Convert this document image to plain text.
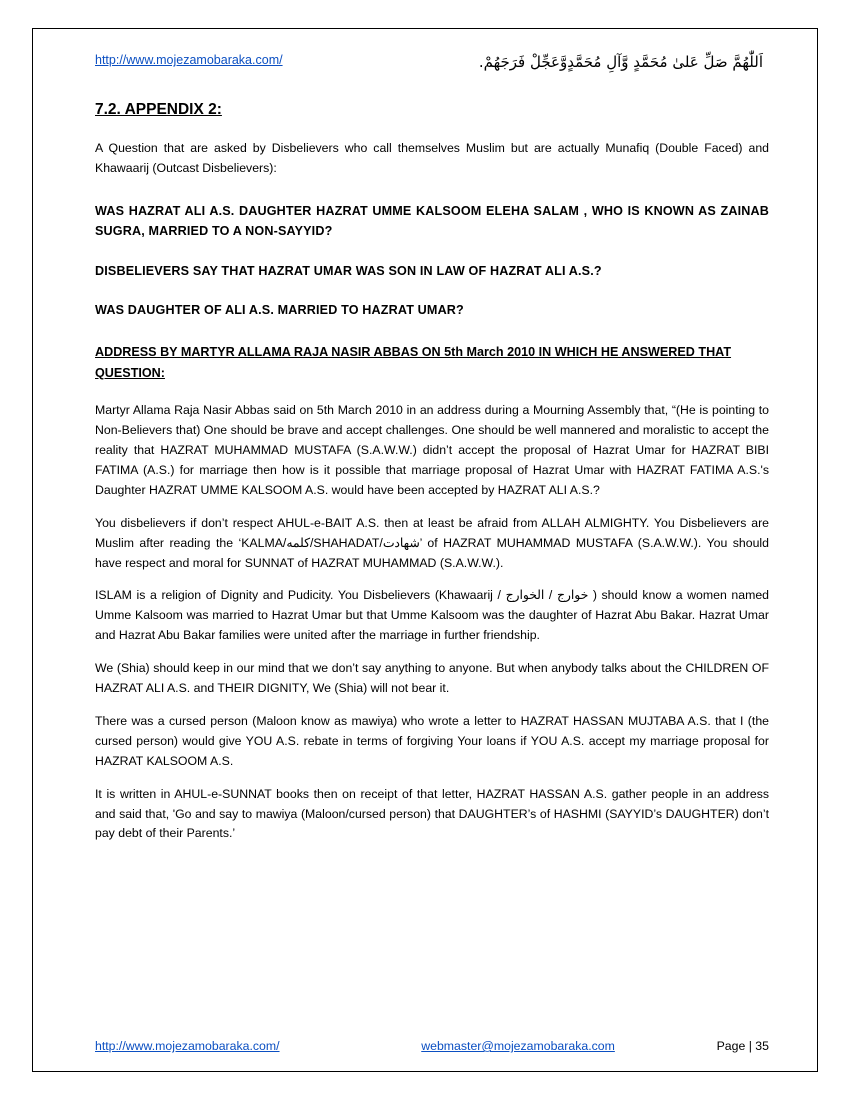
http://www.mojezamobaraka.com/	اَللّٰهُمَّ صَلِّ عَلىٰ مُحَمَّدٍ وَّآلِ مُحَمَّدٍوَّعَجِّلْ فَرَجَهُمْ.
7.2. APPENDIX 2:

A Question that are asked by Disbelievers who call themselves Muslim but are actually Munafiq (Double Faced) and Khawaarij (Outcast Disbelievers):

WAS HAZRAT ALI A.S. DAUGHTER HAZRAT UMME KALSOOM ELEHA SALAM , WHO IS KNOWN AS ZAINAB SUGRA, MARRIED TO A NON-SAYYID?

DISBELIEVERS SAY THAT HAZRAT UMAR WAS SON IN LAW OF HAZRAT ALI A.S.?

WAS DAUGHTER OF ALI A.S. MARRIED TO HAZRAT UMAR?

ADDRESS BY MARTYR ALLAMA RAJA NASIR ABBAS ON 5th March 2010 IN WHICH HE ANSWERED THAT QUESTION:

Martyr Allama Raja Nasir Abbas said on 5th March 2010 in an address during a Mourning Assembly that, “(He is pointing to Non-Believers that) One should be brave and accept challenges. One should be well mannered and moralistic to accept the reality that HAZRAT MUHAMMAD MUSTAFA (S.A.W.W.) didn’t accept the proposal of Hazrat Umar for HAZRAT BIBI FATIMA (A.S.) for marriage then how is it possible that marriage proposal of Hazrat Umar with HAZRAT FATIMA A.S.'s Daughter HAZRAT UMME KALSOOM A.S. would have been accepted by HAZRAT ALI A.S.?

You disbelievers if don’t respect AHUL-e-BAIT A.S. then at least be afraid from ALLAH ALMIGHTY. You Disbelievers are Muslim after reading the ‘KALMA/كلمه/SHAHADAT/شهادت’ of HAZRAT MUHAMMAD MUSTAFA (S.A.W.W.). You should have respect and moral for SUNNAT of HAZRAT MUHAMMAD (S.A.W.W.).

ISLAM is a religion of Dignity and Pudicity. You Disbelievers (Khawaarij / خوارج / الخوارج ) should know a women named Umme Kalsoom was married to Hazrat Umar but that Umme Kalsoom was the daughter of Hazrat Abu Bakar. Hazrat Umar and Hazrat Abu Bakar families were united after the marriage in further friendship.

We (Shia) should keep in our mind that we don’t say anything to anyone. But when anybody talks about the CHILDREN OF HAZRAT ALI A.S. and THEIR DIGNITY, We (Shia) will not bear it.

There was a cursed person (Maloon know as mawiya) who wrote a letter to HAZRAT HASSAN MUJTABA A.S. that I (the cursed person) would give YOU A.S. rebate in terms of forgiving Your loans if YOU A.S. accept my marriage proposal for HAZRAT KALSOOM A.S.

It is written in AHUL-e-SUNNAT books then on receipt of that letter, HAZRAT HASSAN A.S. gather people in an address and said that, 'Go and say to mawiya (Maloon/cursed person) that DAUGHTER’s of HASHMI (SAYYID’s DAUGHTER) don’t pay debt of their Parents.’

http://www.mojezamobaraka.com/	webmaster@mojezamobaraka.com	Page | 35
